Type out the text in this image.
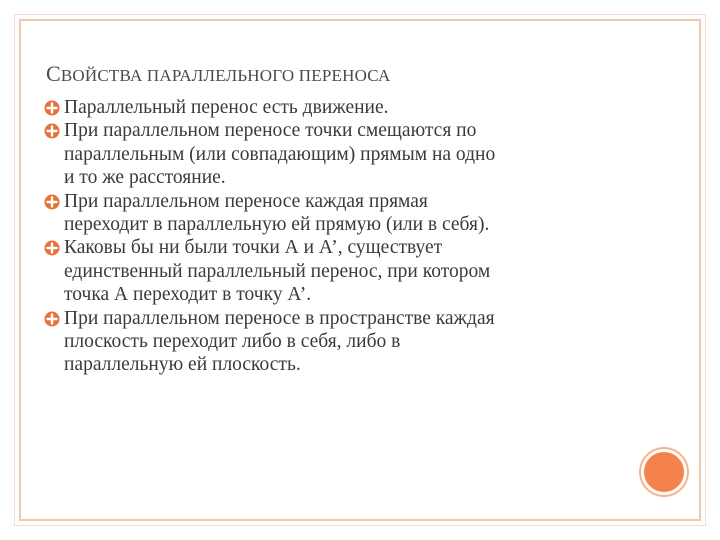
СВОЙСТВА ПАРАЛЛЕЛЬНОГО ПЕРЕНОСА
Параллельный перенос есть движение.
При параллельном переносе точки смещаются по
параллельным (или совпадающим) прямым на одно
и то же расстояние.
При параллельном переносе каждая прямая
переходит в параллельную ей прямую (или в себя).
Каковы бы ни были точки А и А’, существует
единственный параллельный перенос, при котором
точка А переходит в точку А’.
При параллельном переносе в пространстве каждая
плоскость переходит либо в себя, либо в
параллельную ей плоскость.
